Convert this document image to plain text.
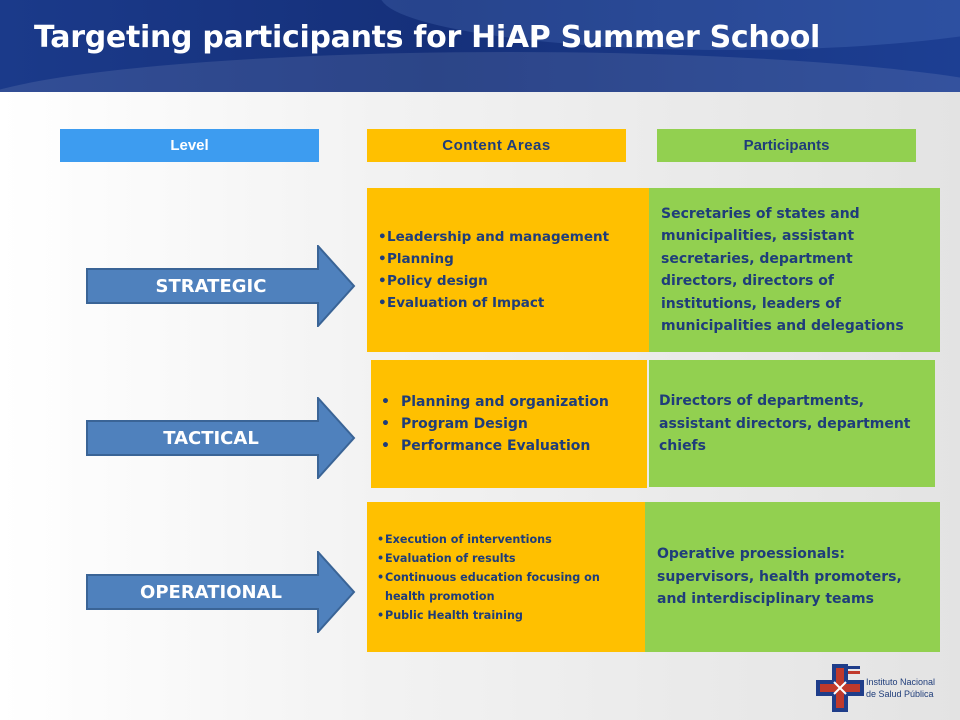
Targeting participants for HiAP Summer School
Level	Content Areas	Participants
STRATEGIC
• Leadership and management
• Planning
• Policy design
• Evaluation of Impact
Secretaries of states and municipalities, assistant secretaries, department directors, directors of institutions, leaders of municipalities and delegations
TACTICAL
• Planning and organization
• Program Design
• Performance Evaluation
Directors of departments, assistant directors, department chiefs
OPERATIONAL
• Execution of interventions
• Evaluation of results
• Continuous education focusing on health promotion
• Public Health training
Operative proessionals: supervisors, health promoters, and interdisciplinary teams
Instituto Nacional
de Salud Pública
